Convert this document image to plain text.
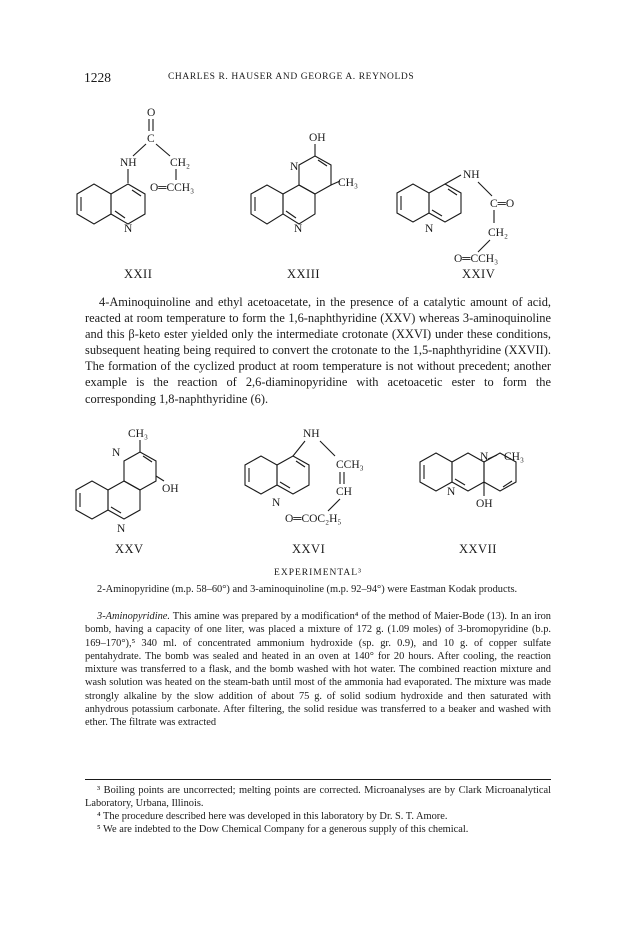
1228	CHARLES R. HAUSER AND GEORGE A. REYNOLDS
O
C
NH	CH₂
O═CCH₃
N
XXII
OH
N
CH₃
N
XXIII
N
NH
C═O
CH₂
O═CCH₃
XXIV
4-Aminoquinoline and ethyl acetoacetate, in the presence of a catalytic amount of acid, reacted at room temperature to form the 1,6-naphthyridine (XXV) whereas 3-aminoquinoline and this β-keto ester yielded only the intermediate crotonate (XXVI) under these conditions, subsequent heating being required to convert the crotonate to the 1,5-naphthyridine (XXVII). The formation of the cyclized product at room temperature is not without precedent; another example is the reaction of 2,6-diaminopyridine with acetoacetic ester to form the corresponding 1,8-naphthyridine (6).
CH₃
N
OH
N
XXV
NH
N
CCH₃
CH
O═COC₂H₅
XXVI
N CH₃
N
OH
XXVII
EXPERIMENTAL³
2-Aminopyridine (m.p. 58–60°) and 3-aminoquinoline (m.p. 92–94°) were Eastman Kodak products.
3-Aminopyridine. This amine was prepared by a modification⁴ of the method of Maier-Bode (13). In an iron bomb, having a capacity of one liter, was placed a mixture of 172 g. (1.09 moles) of 3-bromopyridine (b.p. 169–170°),⁵ 340 ml. of concentrated ammonium hydroxide (sp. gr. 0.9), and 10 g. of copper sulfate pentahydrate. The bomb was sealed and heated in an oven at 140° for 20 hours. After cooling, the reaction mixture was transferred to a flask, and the bomb washed with hot water. The combined reaction mixture and wash solution was heated on the steam-bath until most of the ammonia had evaporated. The mixture was made strongly alkaline by the slow addition of about 75 g. of solid sodium hydroxide and then saturated with anhydrous potassium carbonate. After filtering, the solid residue was transferred to a beaker and washed with ether. The filtrate was extracted
³ Boiling points are uncorrected; melting points are corrected. Microanalyses are by Clark Microanalytical Laboratory, Urbana, Illinois.
⁴ The procedure described here was developed in this laboratory by Dr. S. T. Amore.
⁵ We are indebted to the Dow Chemical Company for a generous supply of this chemical.
